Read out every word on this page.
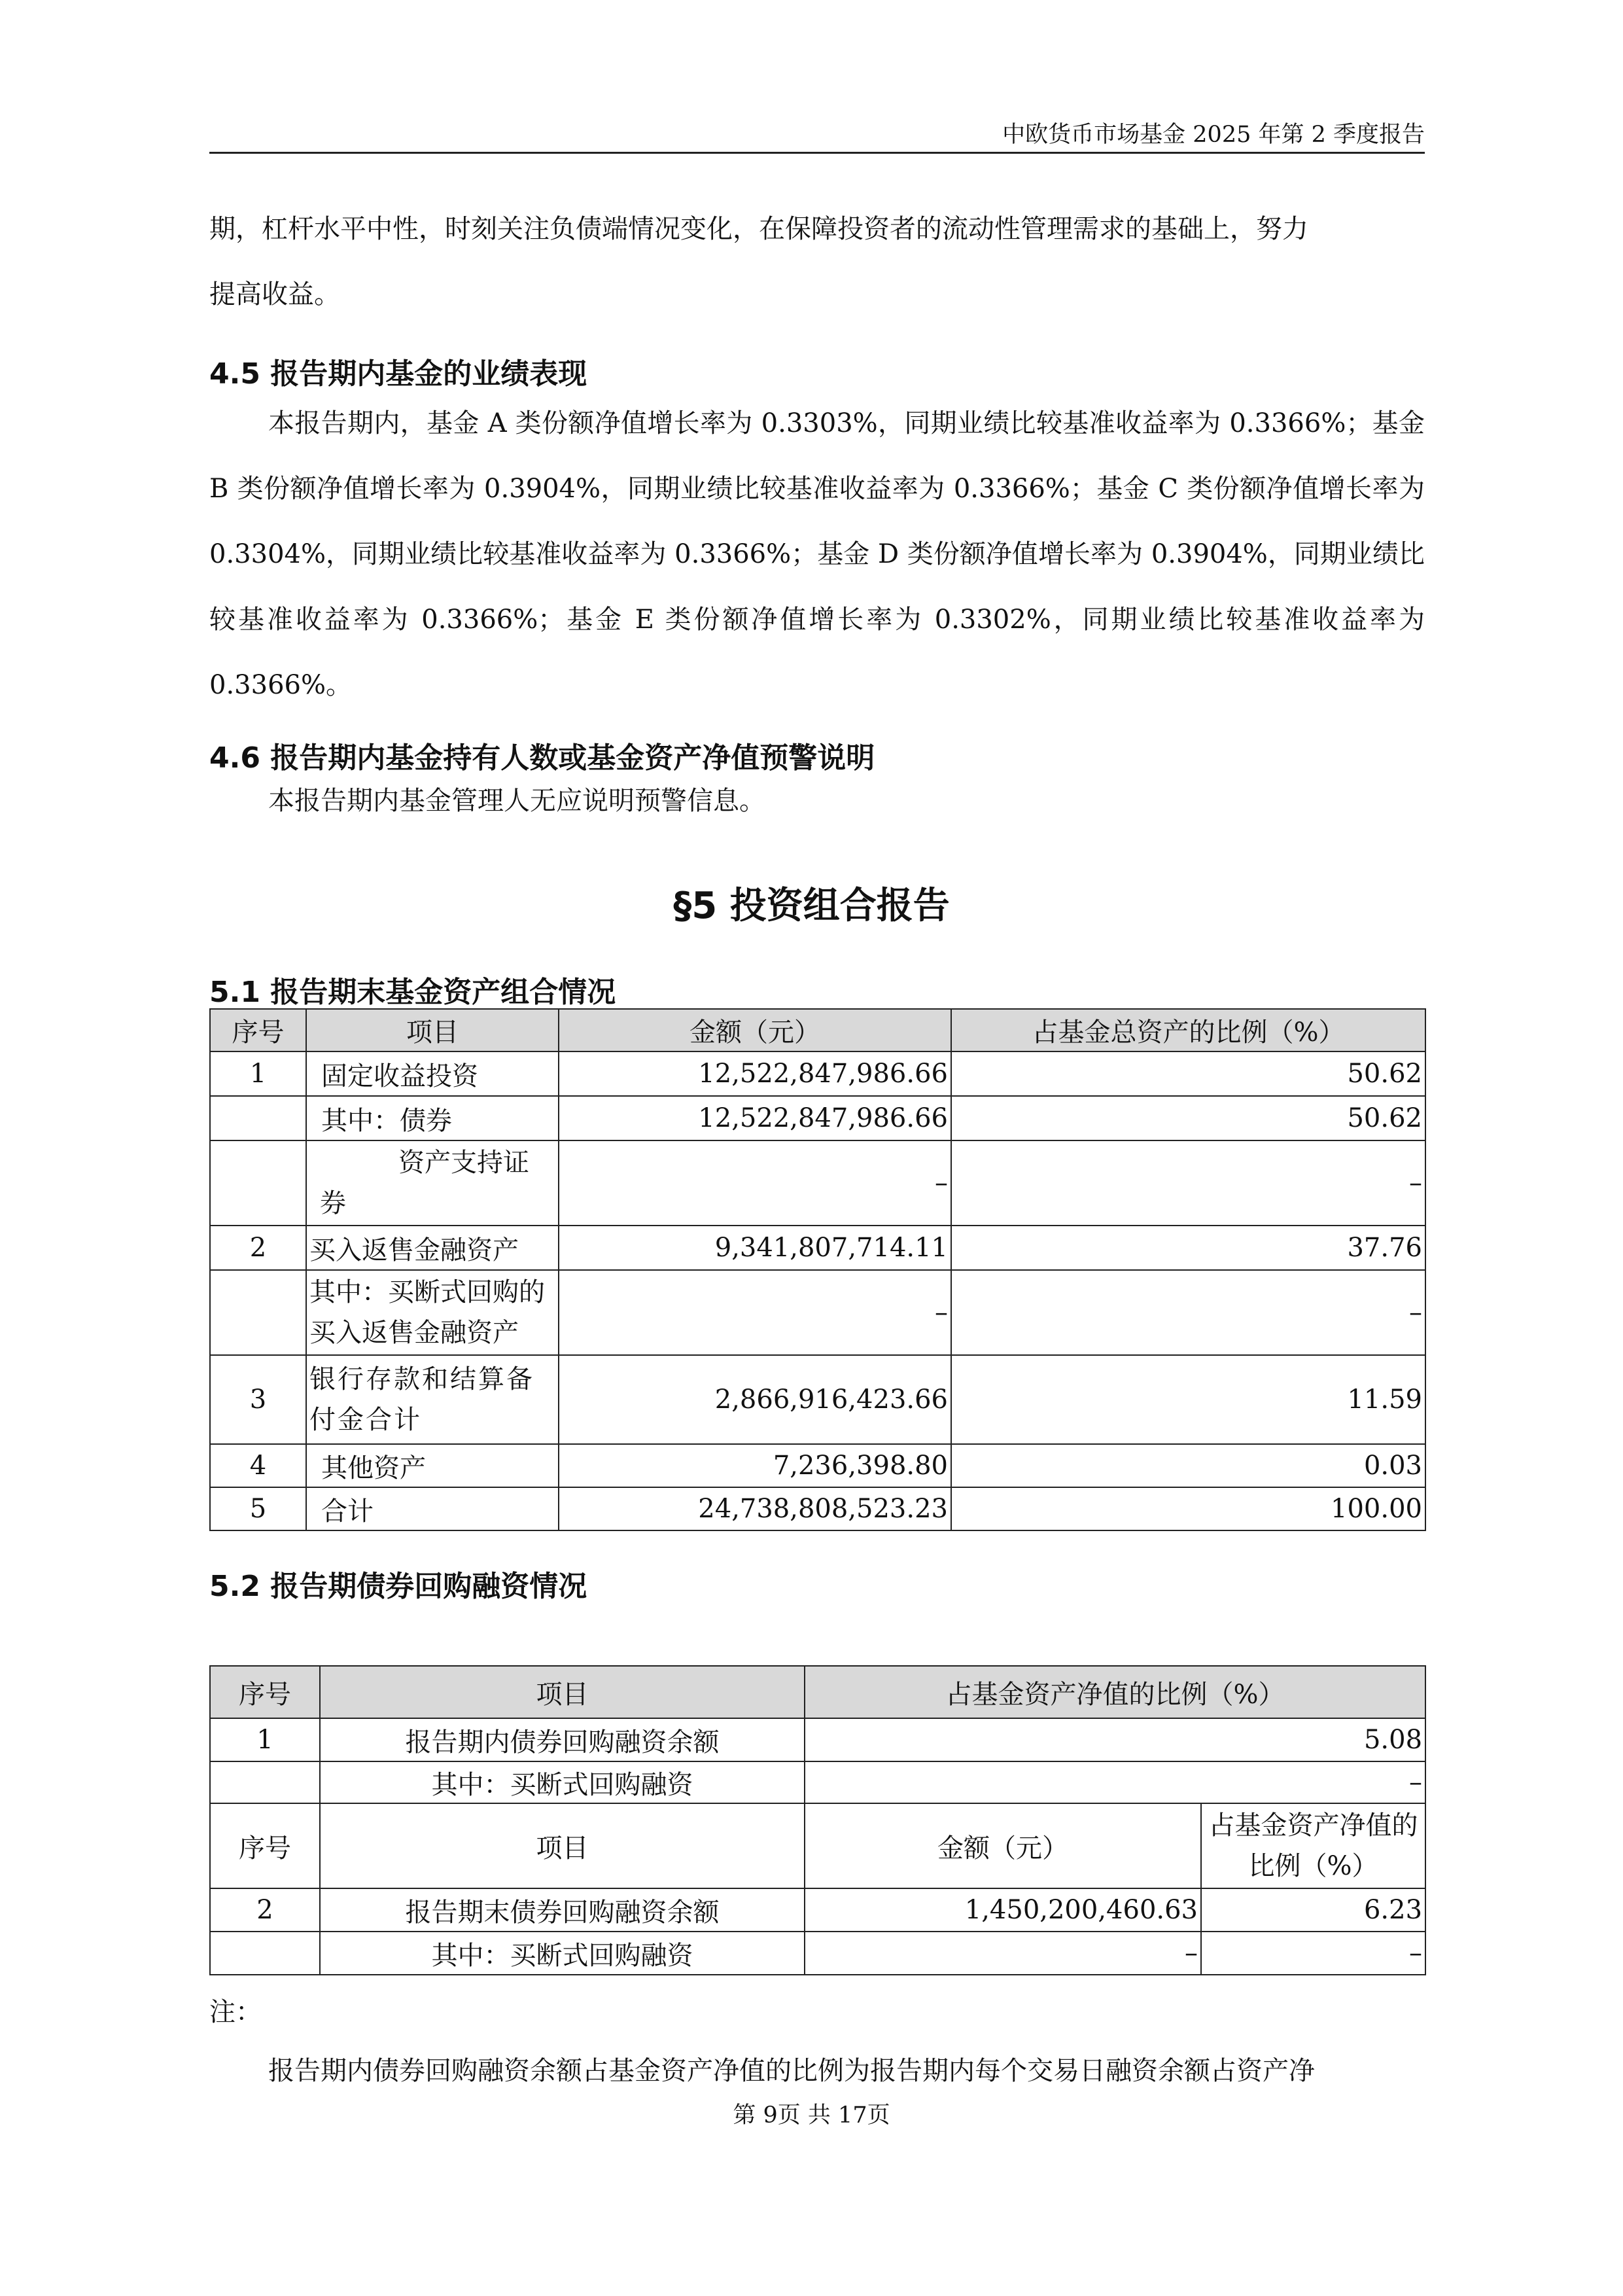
中欧货币市场基金 2025 年第 2 季度报告

期，杠杆水平中性，时刻关注负债端情况变化，在保障投资者的流动性管理需求的基础上，努力

提高收益。

4.5 报告期内基金的业绩表现

本报告期内，基金 A 类份额净值增长率为 0.3303%，同期业绩比较基准收益率为 0.3366%；基金 B 类份额净值增长率为 0.3904%，同期业绩比较基准收益率为 0.3366%；基金 C 类份额净值增长率为 0.3304%，同期业绩比较基准收益率为 0.3366%；基金 D 类份额净值增长率为 0.3904%，同期业绩比较基准收益率为 0.3366%；基金 E 类份额净值增长率为 0.3302%，同期业绩比较基准收益率为 0.3366%。

4.6 报告期内基金持有人数或基金资产净值预警说明

本报告期内基金管理人无应说明预警信息。

§5 投资组合报告

5.1 报告期末基金资产组合情况

序号	项目	金额（元）	占基金总资产的比例（%）
1	固定收益投资	12,522,847,986.66	50.62
	其中：债券	12,522,847,986.66	50.62
	资产支持证券	–	–
2	买入返售金融资产	9,341,807,714.11	37.76
	其中：买断式回购的买入返售金融资产	–	–
3	银行存款和结算备付金合计	2,866,916,423.66	11.59
4	其他资产	7,236,398.80	0.03
5	合计	24,738,808,523.23	100.00

5.2 报告期债券回购融资情况

序号	项目	占基金资产净值的比例（%）	
1	报告期内债券回购融资余额	5.08	
	其中：买断式回购融资	–	
序号	项目	金额（元）	占基金资产净值的比例（%）
2	报告期末债券回购融资余额	1,450,200,460.63	6.23
	其中：买断式回购融资	–	–

注：

报告期内债券回购融资余额占基金资产净值的比例为报告期内每个交易日融资余额占资产净

第 9页 共 17页
